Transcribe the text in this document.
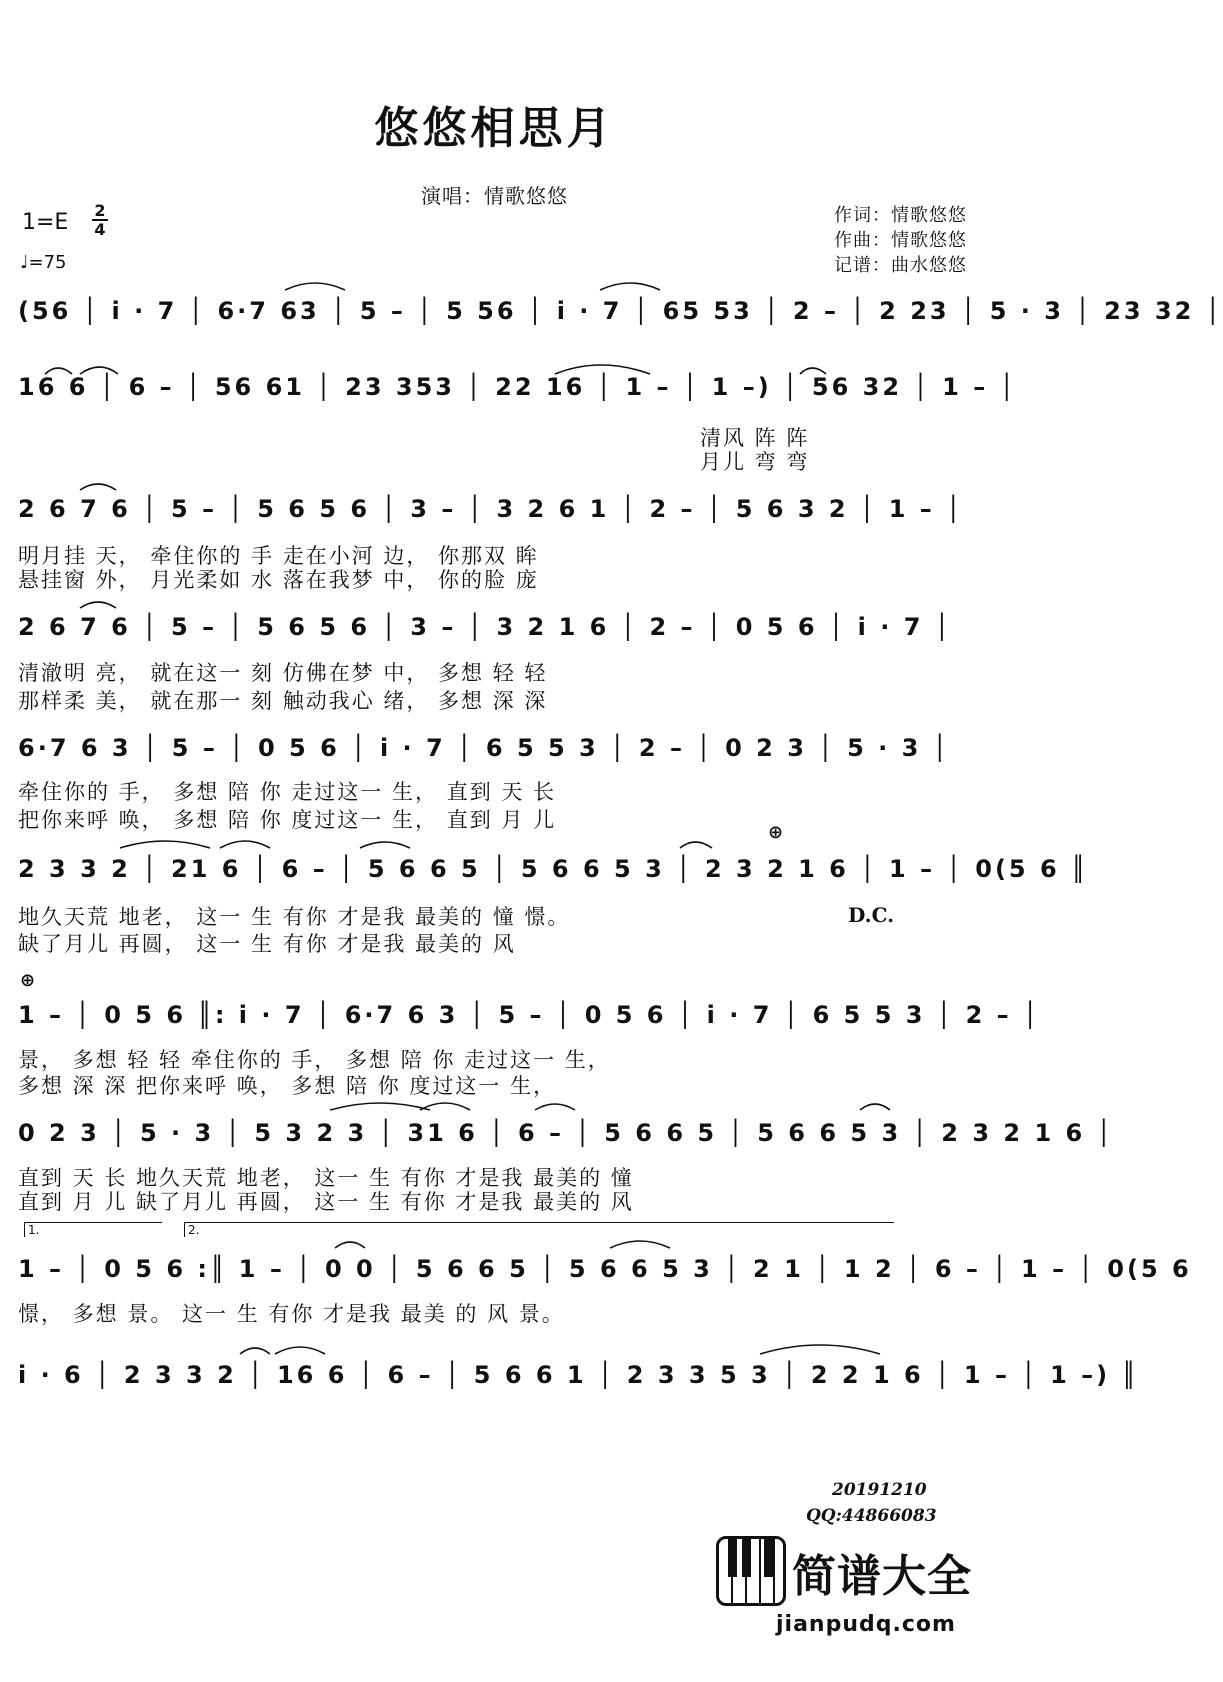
悠悠相思月
演唱：情歌悠悠
1=E 2
4
♩=75
作词：情歌悠悠
作曲：情歌悠悠
记谱：曲水悠悠
(56 │ i · 7 │ 6·7 63 │ 5 – │ 5 56 │ i · 7 │ 65 53 │ 2 – │ 2 23 │ 5 · 3 │ 23 32 │
16 6 │ 6 – │ 56 61 │ 23 353 │ 22 16 │ 1 – │ 1 –) │ 56 32 │ 1 – │
清风 阵 阵
月儿 弯 弯
2 6 7 6 │ 5 – │ 5 6 5 6 │ 3 – │ 3 2 6 1 │ 2 – │ 5 6 3 2 │ 1 – │
明月挂 天， 牵住你的 手 走在小河 边， 你那双 眸
悬挂窗 外， 月光柔如 水 落在我梦 中， 你的脸 庞
2 6 7 6 │ 5 – │ 5 6 5 6 │ 3 – │ 3 2 1 6 │ 2 – │ 0 5 6 │ i · 7 │
清澈明 亮， 就在这一 刻 仿佛在梦 中， 多想 轻 轻
那样柔 美， 就在那一 刻 触动我心 绪， 多想 深 深
6·7 6 3 │ 5 – │ 0 5 6 │ i · 7 │ 6 5 5 3 │ 2 – │ 0 2 3 │ 5 · 3 │
牵住你的 手， 多想 陪 你 走过这一 生， 直到 天 长
把你来呼 唤， 多想 陪 你 度过这一 生， 直到 月 儿
⊕
2 3 3 2 │ 21 6 │ 6 – │ 5 6 6 5 │ 5 6 6 5 3 │ 2 3 2 1 6 │ 1 – │ 0(5 6 ║
地久天荒 地老， 这一 生 有你 才是我 最美的 憧 憬。
缺了月儿 再圆， 这一 生 有你 才是我 最美的 风
D.C.
⊕
1 – │ 0 5 6 ║: i · 7 │ 6·7 6 3 │ 5 – │ 0 5 6 │ i · 7 │ 6 5 5 3 │ 2 – │
景， 多想 轻 轻 牵住你的 手， 多想 陪 你 走过这一 生，
多想 深 深 把你来呼 唤， 多想 陪 你 度过这一 生，
0 2 3 │ 5 · 3 │ 5 3 2 3 │ 31 6 │ 6 – │ 5 6 6 5 │ 5 6 6 5 3 │ 2 3 2 1 6 │
直到 天 长 地久天荒 地老， 这一 生 有你 才是我 最美的 憧
直到 月 儿 缺了月儿 再圆， 这一 生 有你 才是我 最美的 风
1.	2.
1 – │ 0 5 6 :║ 1 – │ 0 0 │ 5 6 6 5 │ 5 6 6 5 3 │ 2 1 │ 1 2 │ 6 – │ 1 – │ 0(5 6
憬， 多想 景。 这一 生 有你 才是我 最美 的 风 景。
i · 6 │ 2 3 3 2 │ 16 6 │ 6 – │ 5 6 6 1 │ 2 3 3 5 3 │ 2 2 1 6 │ 1 – │ 1 –) ║
20191210
QQ:44866083
简谱大全
jianpudq.com
